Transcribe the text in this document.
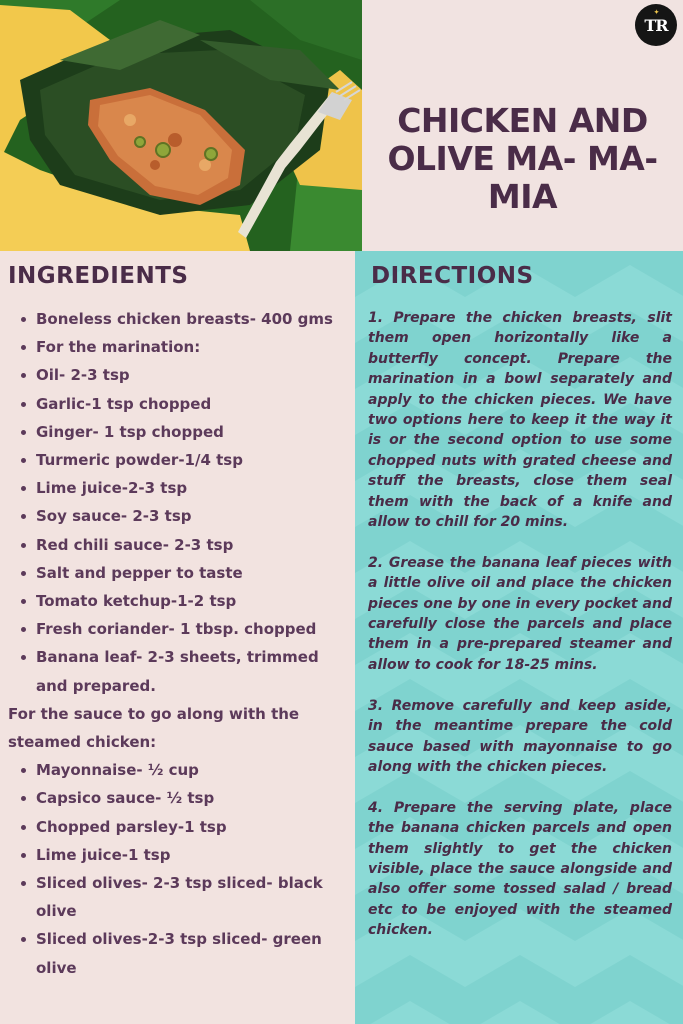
✦
TR
CHICKEN AND OLIVE MA- MA- MIA
INGREDIENTS
Boneless chicken breasts- 400 gms
For the marination:
Oil- 2-3 tsp
Garlic-1 tsp chopped
Ginger- 1 tsp chopped
Turmeric powder-1/4 tsp
Lime juice-2-3 tsp
Soy sauce- 2-3 tsp
Red chili sauce- 2-3 tsp
Salt and pepper to taste
Tomato ketchup-1-2 tsp
Fresh coriander- 1 tbsp. chopped
Banana leaf- 2-3 sheets, trimmed and prepared.
For the sauce to go along with the steamed chicken:
Mayonnaise- ½ cup
Capsico sauce- ½ tsp
Chopped parsley-1 tsp
Lime juice-1 tsp
Sliced olives- 2-3 tsp sliced- black olive
Sliced olives-2-3 tsp sliced- green olive
DIRECTIONS

1. Prepare the chicken breasts, slit them open horizontally like a butterfly concept. Prepare the marination in a bowl separately and apply to the chicken pieces. We have two options here to keep it the way it is or the second option to use some chopped nuts with grated cheese and stuff the breasts, close them seal them with the back of a knife and allow to chill for 20 mins.

2. Grease the banana leaf pieces with a little olive oil and place the chicken pieces one by one in every pocket and carefully close the parcels and place them in a pre-prepared steamer and allow to cook for 18-25 mins.

3. Remove carefully and keep aside, in the meantime prepare the cold sauce based with mayonnaise to go along with the chicken pieces.

4. Prepare the serving plate, place the banana chicken parcels and open them slightly to get the chicken visible, place the sauce alongside and also offer some tossed salad / bread etc to be enjoyed with the steamed chicken.
